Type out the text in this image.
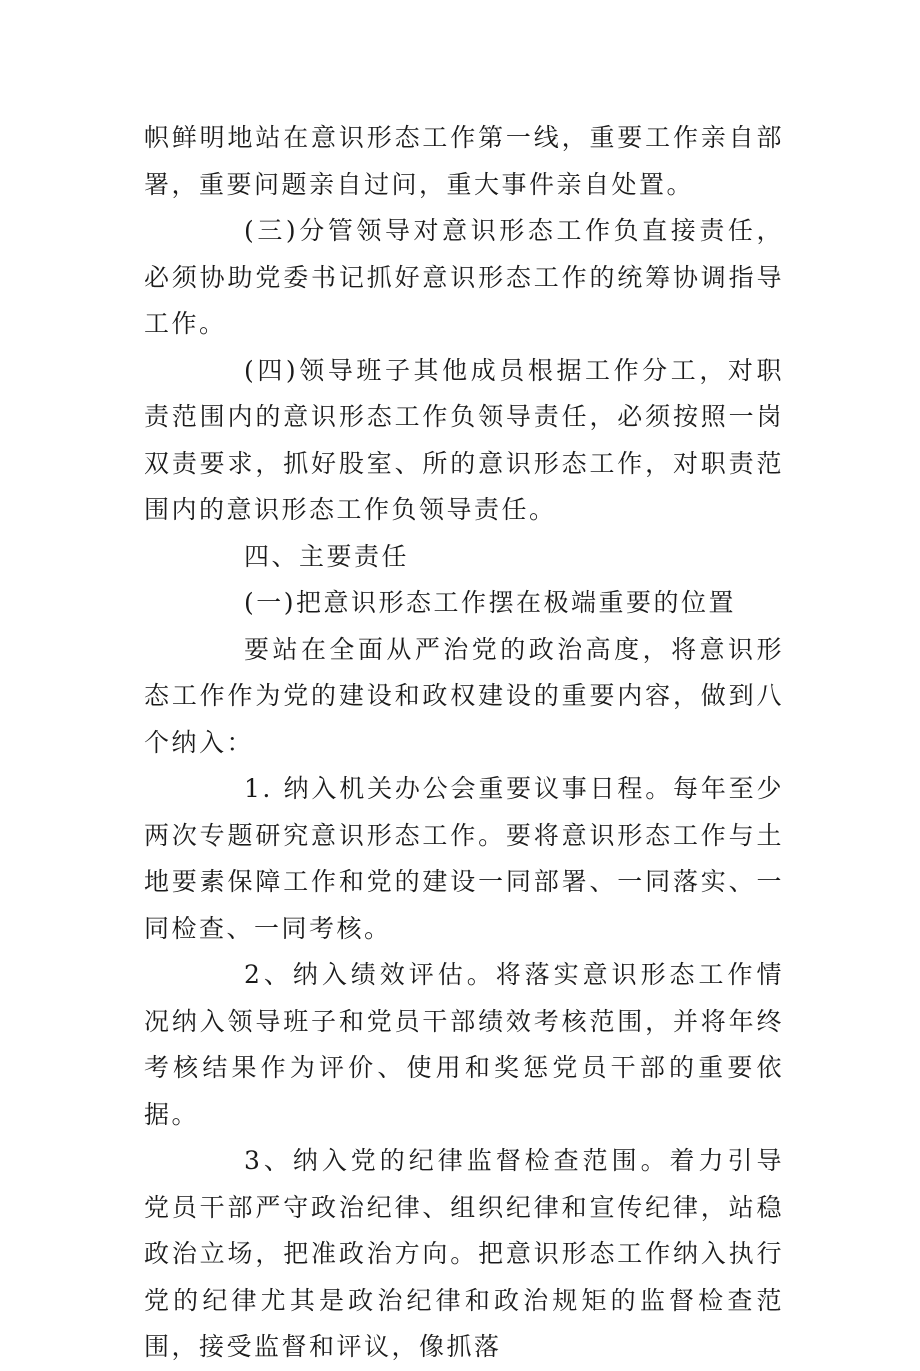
帜鲜明地站在意识形态工作第一线，重要工作亲自部署，重要问题亲自过问，重大事件亲自处置。

(三)分管领导对意识形态工作负直接责任，必须协助党委书记抓好意识形态工作的统筹协调指导工作。

(四)领导班子其他成员根据工作分工，对职责范围内的意识形态工作负领导责任，必须按照一岗双责要求，抓好股室、所的意识形态工作，对职责范围内的意识形态工作负领导责任。

四、主要责任

(一)把意识形态工作摆在极端重要的位置

要站在全面从严治党的政治高度，将意识形态工作作为党的建设和政权建设的重要内容，做到八个纳入：

1. 纳入机关办公会重要议事日程。每年至少两次专题研究意识形态工作。要将意识形态工作与土地要素保障工作和党的建设一同部署、一同落实、一同检查、一同考核。

2、纳入绩效评估。将落实意识形态工作情况纳入领导班子和党员干部绩效考核范围，并将年终考核结果作为评价、使用和奖惩党员干部的重要依据。

3、纳入党的纪律监督检查范围。着力引导党员干部严守政治纪律、组织纪律和宣传纪律，站稳政治立场，把准政治方向。把意识形态工作纳入执行党的纪律尤其是政治纪律和政治规矩的监督检查范围，接受监督和评议，像抓落
